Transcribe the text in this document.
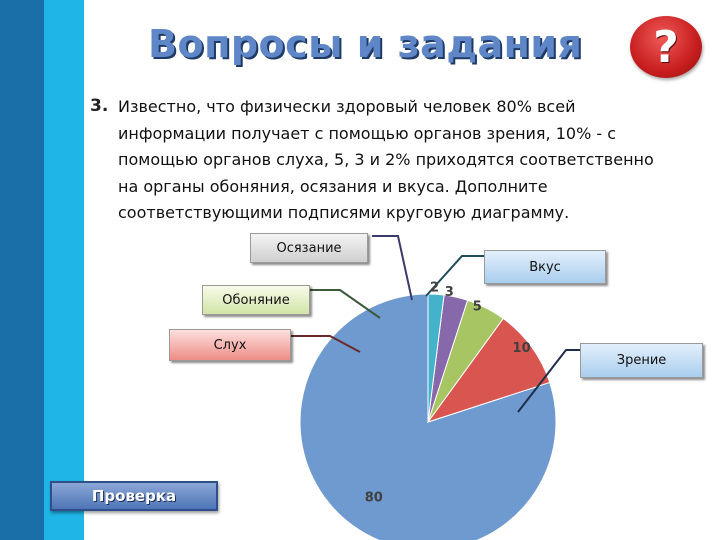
Вопросы и задания	?
3. Известно, что физически здоровый человек 80% всей
информации получает с помощью органов зрения, 10% - с
помощью органов слуха, 5, 3 и 2% приходятся соответственно
на органы обоняния, осязания и вкуса. Дополните
соответствующими подписями круговую диаграмму.
80
10
5
3
2
Осязание
Обоняние
Слух
Вкус
Зрение
Проверка
